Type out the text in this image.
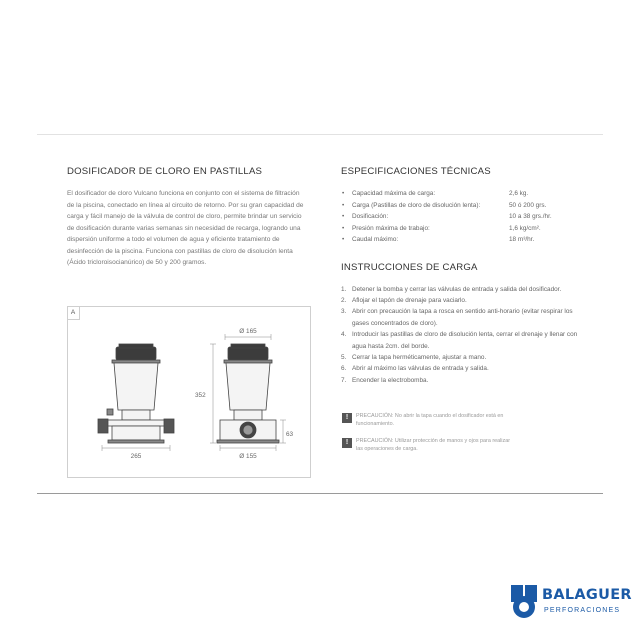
DOSIFICADOR DE CLORO EN PASTILLAS

El dosificador de cloro Vulcano funciona en conjunto con el sistema de filtración de la piscina, conectado en línea al circuito de retorno. Por su gran capacidad de carga y fácil manejo de la válvula de control de cloro, permite brindar un servicio de dosificación durante varias semanas sin necesidad de recarga, logrando una dispersión uniforme a todo el volumen de agua y eficiente tratamiento de desinfección de la piscina. Funciona con pastillas de cloro de disolución lenta (Ácido tricloroisocianúrico) de 50 y 200 gramos.

ESPECIFICACIONES TÉCNICAS
• Capacidad máxima de carga:	2,6 kg.
• Carga (Pastillas de cloro de disolución lenta):	50 ó 200 grs.
• Dosificación:	10 a 38 grs./hr.
• Presión máxima de trabajo:	1,6 kg/cm².
• Caudal máximo:	18 m³/hr.
INSTRUCCIONES DE CARGA
1. Detener la bomba y cerrar las válvulas de entrada y salida del dosificador.
2. Aflojar el tapón de drenaje para vaciarlo.
3. Abrir con precaución la tapa a rosca en sentido anti-horario (evitar respirar los gases concentrados de cloro).
4. Introducir las pastillas de cloro de disolución lenta, cerrar el drenaje y llenar con agua hasta 2cm. del borde.
5. Cerrar la tapa herméticamente, ajustar a mano.
6. Abrir al máximo las válvulas de entrada y salida.
7. Encender la electrobomba.
!
PRECAUCIÓN: No abrir la tapa cuando el dosificador está en funcionamiento.
!
PRECAUCIÓN: Utilizar protección de manos y ojos para realizar las operaciones de carga.
A
Ø 165
352
63
265	Ø 155
BALAGUER
PERFORACIONES
